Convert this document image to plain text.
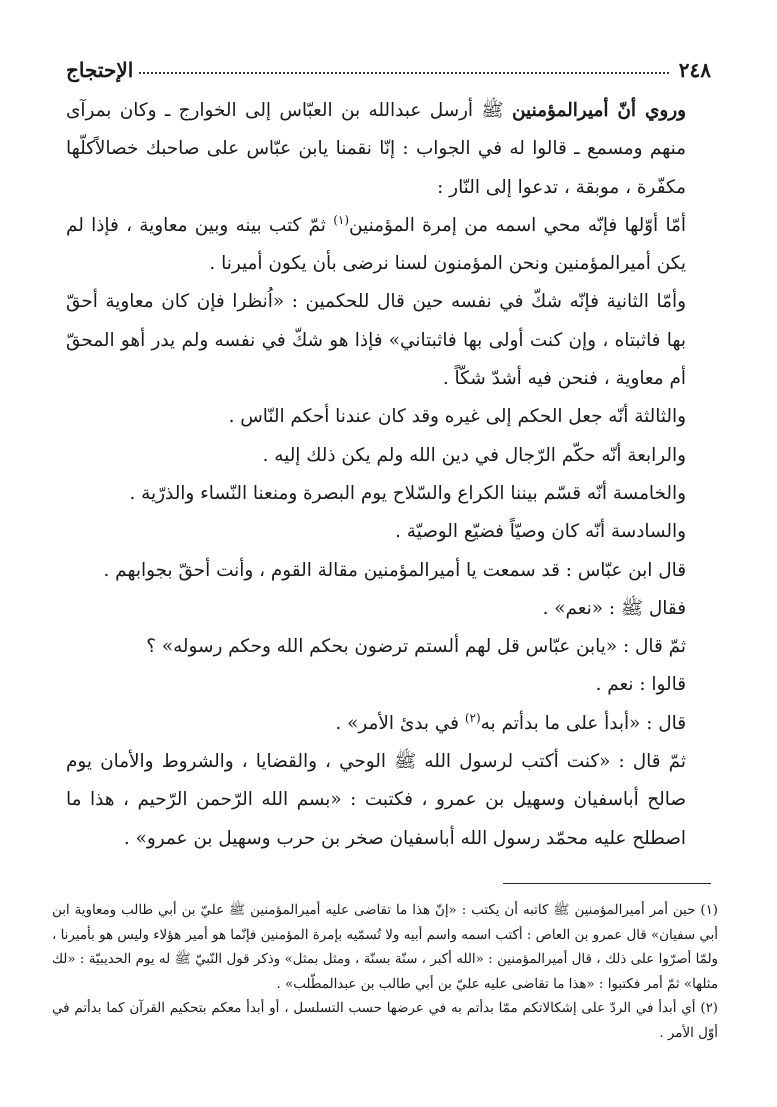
٢٤٨
الإحتجاج

وروي أنّ أميرالمؤمنين ﷺ أرسل عبدالله بن العبّاس إلى الخوارج ـ وكان بمرآى منهم ومسمع ـ قالوا له في الجواب : إنّا نقمنا يابن عبّاس على صاحبك خصالاًكلّها مكفّرة ، موبقة ، تدعوا إلى النّار :

أمّا أوّلها فإنّه محي اسمه من إمرة المؤمنين$^{(١)}$ ثمّ كتب بينه وبين معاوية ، فإذا لم يكن أميرالمؤمنين ونحن المؤمنون لسنا نرضى بأن يكون أميرنا .

وأمّا الثانية فإنّه شكّ في نفسه حين قال للحكمين : «اُنظرا فإن كان معاوية أحقّ بها فاثبتاه ، وإن كنت أولى بها فاثبتاني» فإذا هو شكّ في نفسه ولم يدر أهو المحقّ أم معاوية ، فنحن فيه أشدّ شكّاً .

والثالثة أنّه جعل الحكم إلى غيره وقد كان عندنا أحكم النّاس .

والرابعة أنّه حكّم الرّجال في دين الله ولم يكن ذلك إليه .

والخامسة أنّه قسّم بيننا الكراع والسّلاح يوم البصرة ومنعنا النّساء والذرّية .

والسادسة أنّه كان وصيّاً فضيّع الوصيّة .

قال ابن عبّاس : قد سمعت يا أميرالمؤمنين مقالة القوم ، وأنت أحقّ بجوابهم .

فقال ﷺ : «نعم» .

ثمّ قال : «يابن عبّاس قل لهم ألستم ترضون بحكم الله وحكم رسوله» ؟

قالوا : نعم .

قال : «أبدأ على ما بدأتم به$^{(٢)}$ في بدئ الأمر» .

ثمّ قال : «كنت أكتب لرسول الله ﷺ الوحي ، والقضايا ، والشروط والأمان يوم صالح أباسفيان وسهيل بن عمرو ، فكتبت : «بسم الله الرّحمن الرّحيم ، هذا ما اصطلح عليه محمّد رسول الله أباسفيان صخر بن حرب وسهيل بن عمرو» .

(١) حين أمر أميرالمؤمنين ﷺ كاتبه أن يكتب : «إنّ هذا ما تقاضى عليه أميرالمؤمنين ﷺ عليّ بن أبي طالب ومعاوية ابن أبي سفيان» قال عمرو بن العاص : أكتب اسمه واسم أبيه ولا تُسمّيه بإمرة المؤمنين فإنّما هو أمير هؤلاء وليس هو بأميرنا ، ولمّا أصرّوا على ذلك ، قال أميرالمؤمنين : «الله أكبر ، سنّة بسنّة ، ومثل بمثل» وذكر قول النّبيّ ﷺ له يوم الحديبيّة : «لك مثلها» ثمّ أمر فكتبوا : «هذا ما تقاضى عليه عليّ بن أبي طالب بن عبدالمطّلب» .

(٢) أي أبدأ في الردّ على إشكالاتكم ممّا بدأتم به في عرضها حسب التسلسل ، أو أبدأ معكم بتحكيم القرآن كما بدأتم في أوّل الأمر .
